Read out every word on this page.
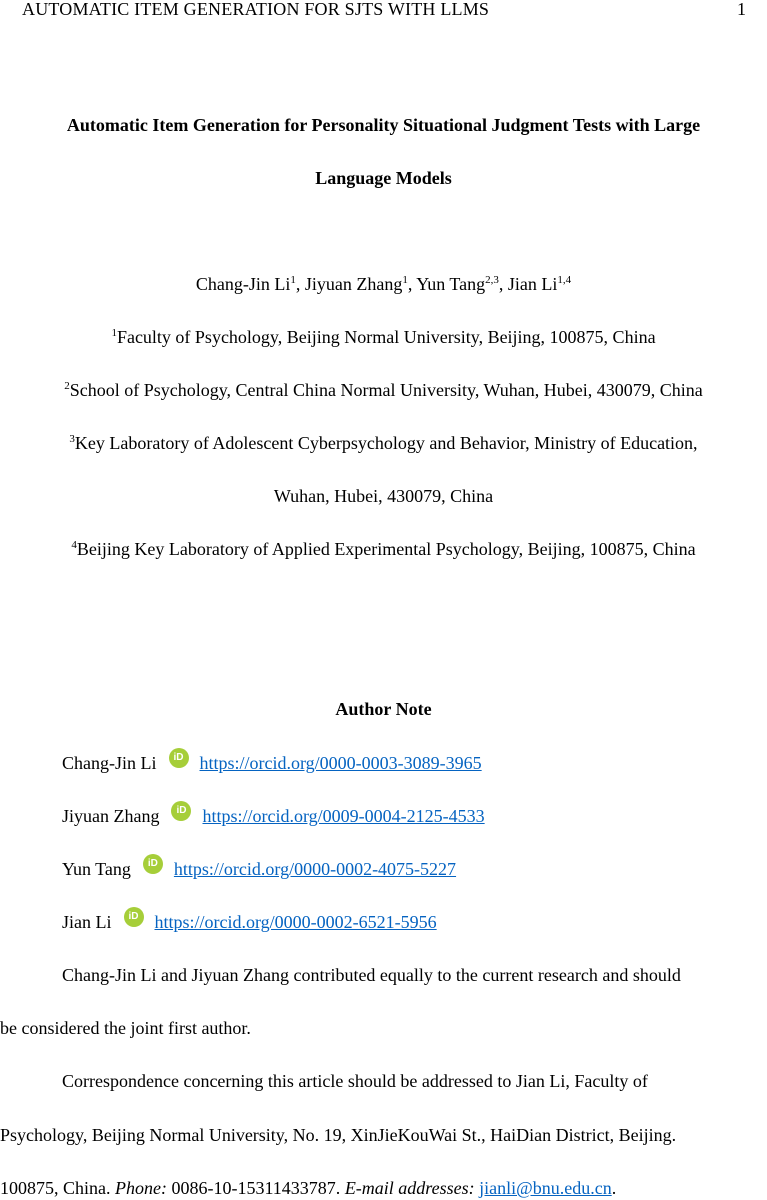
AUTOMATIC ITEM GENERATION FOR SJTS WITH LLMS	1
Automatic Item Generation for Personality Situational Judgment Tests with Large
Language Models
Chang-Jin Li$^1$, Jiyuan Zhang$^1$, Yun Tang$^{2,3}$, Jian Li$^{1,4}$
$^1$Faculty of Psychology, Beijing Normal University, Beijing, 100875, China
$^2$School of Psychology, Central China Normal University, Wuhan, Hubei, 430079, China
$^3$Key Laboratory of Adolescent Cyberpsychology and Behavior, Ministry of Education,
Wuhan, Hubei, 430079, China
$^4$Beijing Key Laboratory of Applied Experimental Psychology, Beijing, 100875, China
Author Note
Chang-Jin Li	iD https://orcid.org/0000-0003-3089-3965
Jiyuan Zhang	iD https://orcid.org/0009-0004-2125-4533
Yun Tang	iD https://orcid.org/0000-0002-4075-5227
Jian Li	iD https://orcid.org/0000-0002-6521-5956
Chang-Jin Li and Jiyuan Zhang contributed equally to the current research and should
be considered the joint first author.
Correspondence concerning this article should be addressed to Jian Li, Faculty of
Psychology, Beijing Normal University, No. 19, XinJieKouWai St., HaiDian District, Beijing.
100875, China. Phone: 0086-10-15311433787. E-mail addresses: jianli@bnu.edu.cn.
